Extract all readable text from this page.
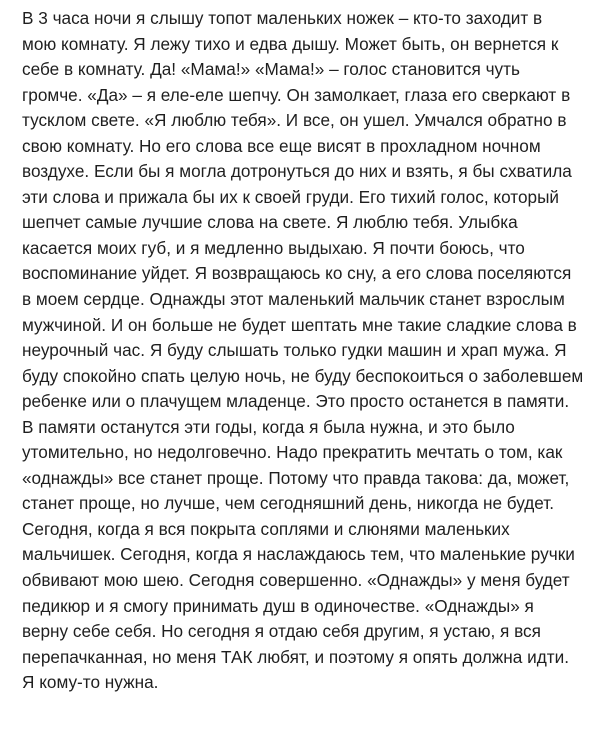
В 3 часа ночи я слышу топот маленьких ножек – кто-то заходит в
мою комнату. Я лежу тихо и едва дышу. Может быть, он вернется к
себе в комнату. Да! «Мама!» «Мама!» – голос становится чуть
громче. «Да» – я еле-еле шепчу. Он замолкает, глаза его сверкают в
тусклом свете. «Я люблю тебя». И все, он ушел. Умчался обратно в
свою комнату. Но его слова все еще висят в прохладном ночном
воздухе. Если бы я могла дотронуться до них и взять, я бы схватила
эти слова и прижала бы их к своей груди. Его тихий голос, который
шепчет самые лучшие слова на свете. Я люблю тебя. Улыбка
касается моих губ, и я медленно выдыхаю. Я почти боюсь, что
воспоминание уйдет. Я возвращаюсь ко сну, а его слова поселяются
в моем сердце. Однажды этот маленький мальчик станет взрослым
мужчиной. И он больше не будет шептать мне такие сладкие слова в
неурочный час. Я буду слышать только гудки машин и храп мужа. Я
буду спокойно спать целую ночь, не буду беспокоиться о заболевшем
ребенке или о плачущем младенце. Это просто останется в памяти.
В памяти останутся эти годы, когда я была нужна, и это было
утомительно, но недолговечно. Надо прекратить мечтать о том, как
«однажды» все станет проще. Потому что правда такова: да, может,
станет проще, но лучше, чем сегодняшний день, никогда не будет.
Сегодня, когда я вся покрыта соплями и слюнями маленьких
мальчишек. Сегодня, когда я наслаждаюсь тем, что маленькие ручки
обвивают мою шею. Сегодня совершенно. «Однажды» у меня будет
педикюр и я смогу принимать душ в одиночестве. «Однажды» я
верну себе себя. Но сегодня я отдаю себя другим, я устаю, я вся
перепачканная, но меня ТАК любят, и поэтому я опять должна идти.
Я кому-то нужна.
